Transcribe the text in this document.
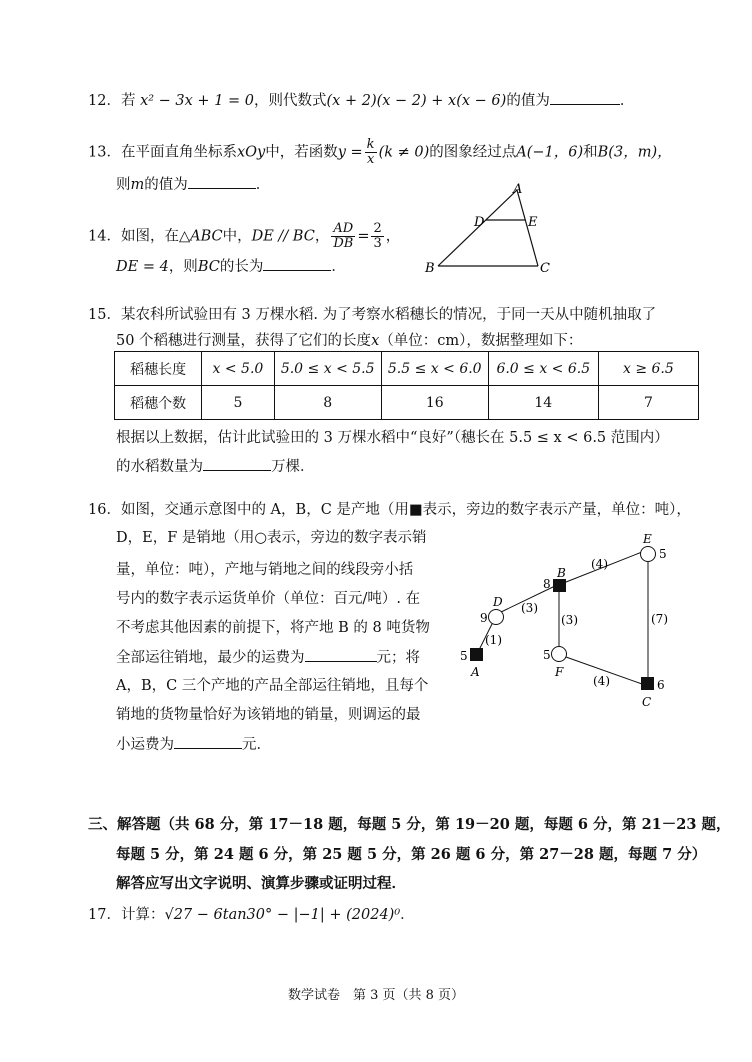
12．若 x² − 3x + 1 = 0，则代数式(x + 2)(x − 2) + x(x − 6)的值为	．
13．在平面直角坐标系xOy中，若函数$y = \frac{k}{x} (k \ne 0)$的图象经过点A(−1，6)和B(3，m)，
则m的值为	．
14．如图，在△ABC中，DE // BC， $\frac{AD}{DB} = \frac{2}{3}$ ，
DE = 4，则BC的长为	．
A
D	E
B	C
15．某农科所试验田有 3 万棵水稻. 为了考察水稻穗长的情况，于同一天从中随机抽取了
50 个稻穗进行测量，获得了它们的长度x（单位：cm），数据整理如下：
稻穗长度	x < 5.0	5.0 ≤ x < 5.5	5.5 ≤ x < 6.0	6.0 ≤ x < 6.5	x ≥ 6.5
稻穗个数	5	8	16	14	7
根据以上数据，估计此试验田的 3 万棵水稻中“良好”（穗长在 5.5 ≤ x < 6.5 范围内）
的水稻数量为	万棵．
16．如图，交通示意图中的 A，B，C 是产地（用■表示，旁边的数字表示产量，单位：吨），
D，E，F 是销地（用○表示，旁边的数字表示销
量，单位：吨），产地与销地之间的线段旁小括
号内的数字表示运货单价（单位：百元/吨）. 在
不考虑其他因素的前提下，将产地 B 的 8 吨货物
全部运往销地，最少的运费为	元；将
A，B，C 三个产地的产品全部运往销地，且每个
销地的货物量恰好为该销地的销量，则调运的最
小运费为	元．
5
8
6
9
5
5
A
B
C
D
E
F
(1)
(3)
(4)
(3)	(7)
(4)
三、解答题（共 68 分，第 17－18 题，每题 5 分，第 19－20 题，每题 6 分，第 21－23 题，
每题 5 分，第 24 题 6 分，第 25 题 5 分，第 26 题 6 分，第 27－28 题，每题 7 分）
解答应写出文字说明、演算步骤或证明过程．
17．计算：√27 − 6tan30° − |−1| + (2024)⁰．
数学试卷　第 3 页（共 8 页）
